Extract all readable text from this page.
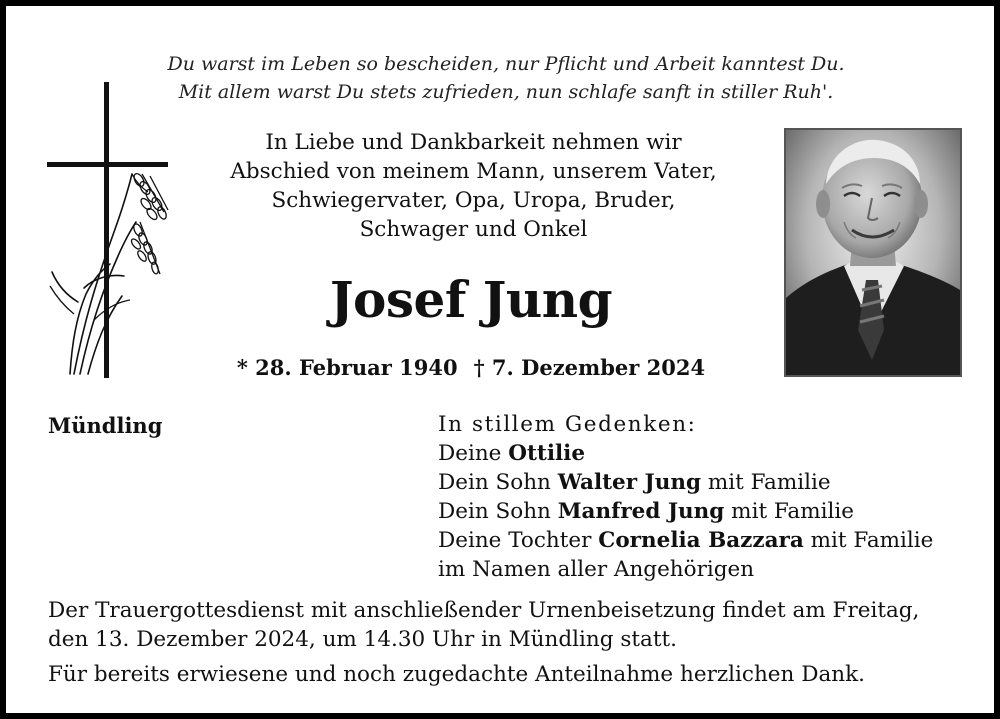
Du warst im Leben so bescheiden, nur Pflicht und Arbeit kanntest Du.
Mit allem warst Du stets zufrieden, nun schlafe sanft in stiller Ruh'.
In Liebe und Dankbarkeit nehmen wir
Abschied von meinem Mann, unserem Vater,
Schwiegervater, Opa, Uropa, Bruder,
Schwager und Onkel
Josef Jung
* 28. Februar 1940 † 7. Dezember 2024
Mündling	In stillem Gedenken:
Deine Ottilie
Dein Sohn Walter Jung mit Familie
Dein Sohn Manfred Jung mit Familie
Deine Tochter Cornelia Bazzara mit Familie
im Namen aller Angehörigen
Der Trauergottesdienst mit anschließender Urnenbeisetzung findet am Freitag,
den 13. Dezember 2024, um 14.30 Uhr in Mündling statt.
Für bereits erwiesene und noch zugedachte Anteilnahme herzlichen Dank.
